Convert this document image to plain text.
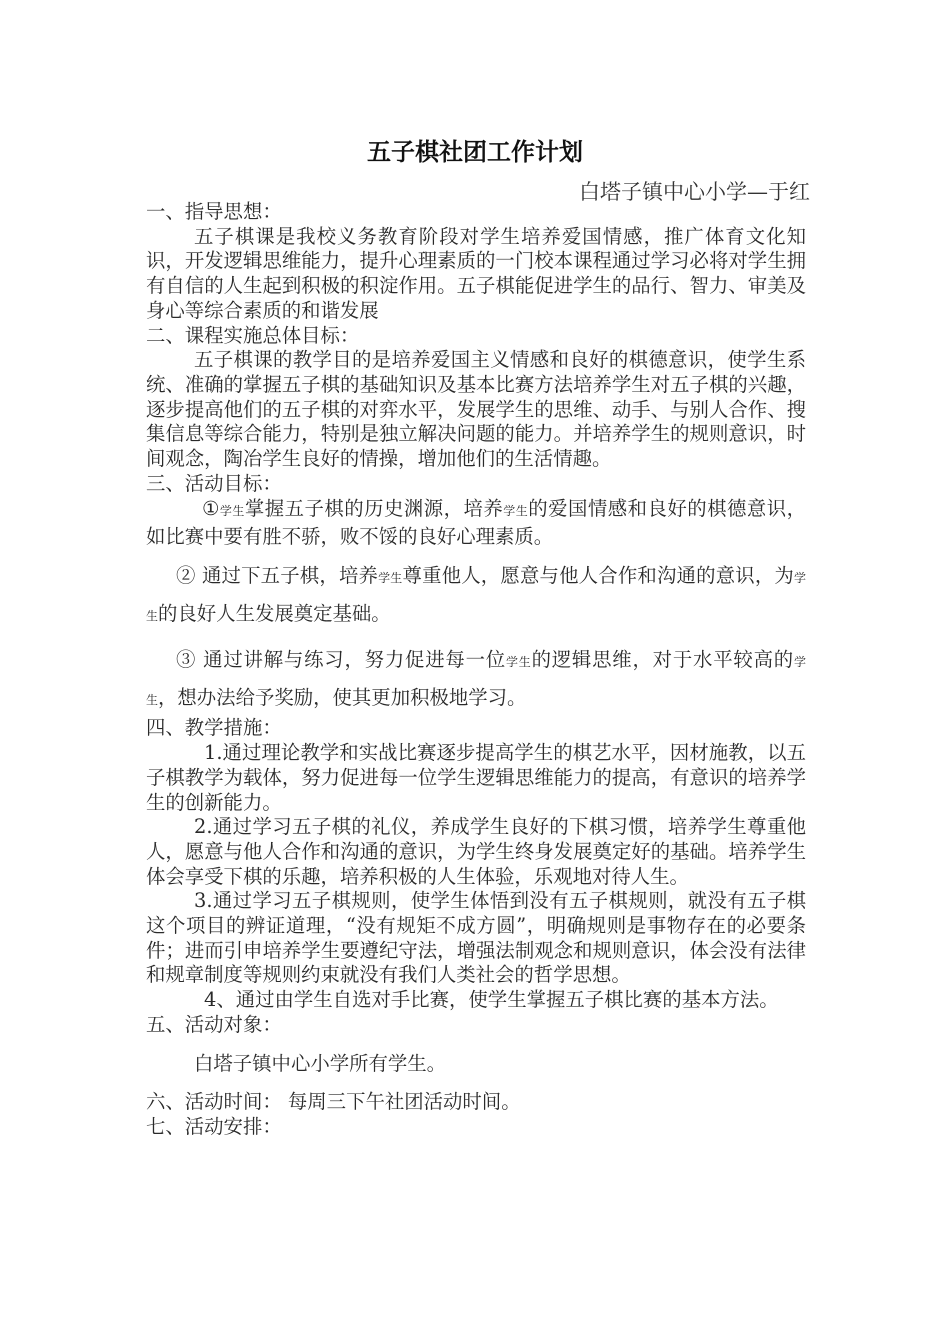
五子棋社团工作计划
白塔子镇中心小学—于红

一、指导思想：

五子棋课是我校义务教育阶段对学生培养爱国情感，推广体育文化知识，开发逻辑思维能力，提升心理素质的一门校本课程通过学习必将对学生拥有自信的人生起到积极的积淀作用。五子棋能促进学生的品行、智力、审美及身心等综合素质的和谐发展

二、课程实施总体目标：

五子棋课的教学目的是培养爱国主义情感和良好的棋德意识，使学生系统、准确的掌握五子棋的基础知识及基本比赛方法培养学生对五子棋的兴趣，逐步提高他们的五子棋的对弈水平，发展学生的思维、动手、与别人合作、搜集信息等综合能力，特别是独立解决问题的能力。并培养学生的规则意识，时间观念，陶冶学生良好的情操，增加他们的生活情趣。

三、活动目标：

①学生掌握五子棋的历史渊源，培养学生的爱国情感和良好的棋德意识，如比赛中要有胜不骄，败不馁的良好心理素质。

② 通过下五子棋，培养学生尊重他人，愿意与他人合作和沟通的意识，为学生的良好人生发展奠定基础。

③ 通过讲解与练习，努力促进每一位学生的逻辑思维，对于水平较高的学生，想办法给予奖励，使其更加积极地学习。

四、教学措施：

1.通过理论教学和实战比赛逐步提高学生的棋艺水平，因材施教，以五子棋教学为载体，努力促进每一位学生逻辑思维能力的提高，有意识的培养学生的创新能力。

2.通过学习五子棋的礼仪，养成学生良好的下棋习惯，培养学生尊重他人，愿意与他人合作和沟通的意识，为学生终身发展奠定好的基础。培养学生体会享受下棋的乐趣，培养积极的人生体验，乐观地对待人生。

3.通过学习五子棋规则，使学生体悟到没有五子棋规则，就没有五子棋这个项目的辨证道理，“没有规矩不成方圆”，明确规则是事物存在的必要条件；进而引申培养学生要遵纪守法，增强法制观念和规则意识，体会没有法律和规章制度等规则约束就没有我们人类社会的哲学思想。

4、通过由学生自选对手比赛，使学生掌握五子棋比赛的基本方法。

五、活动对象：

白塔子镇中心小学所有学生。

六、活动时间： 每周三下午社团活动时间。

七、活动安排：
